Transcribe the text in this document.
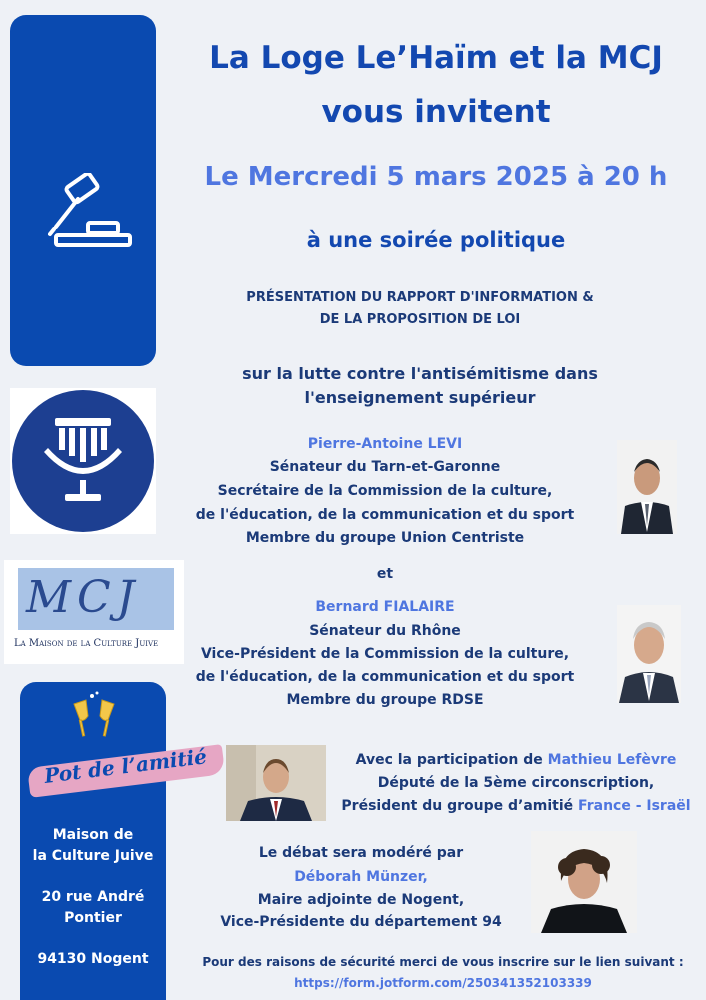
MCJ
La Maison de la Culture Juive
Maison de
la Culture Juive
20 rue André
Pontier
94130 Nogent
Pot de l’amitié
La Loge Le’Haïm et la MCJ
vous invitent
Le Mercredi 5 mars 2025 à 20 h
à une soirée politique
PRÉSENTATION DU RAPPORT D'INFORMATION &
DE LA PROPOSITION DE LOI
sur la lutte contre l'antisémitisme dans
l'enseignement supérieur
Pierre-Antoine LEVI
Sénateur du Tarn-et-Garonne
Secrétaire de la Commission de la culture,
de l'éducation, de la communication et du sport
Membre du groupe Union Centriste
et
Bernard FIALAIRE
Sénateur du Rhône
Vice-Président de la Commission de la culture,
de l'éducation, de la communication et du sport
Membre du groupe RDSE
Avec la participation de Mathieu Lefèvre
Député de la 5ème circonscription,
Président du groupe d’amitié France - Israël
Le débat sera modéré par
Déborah Münzer,
Maire adjointe de Nogent,
Vice-Présidente du département 94
Pour des raisons de sécurité merci de vous inscrire sur le lien suivant :
https://form.jotform.com/250341352103339
